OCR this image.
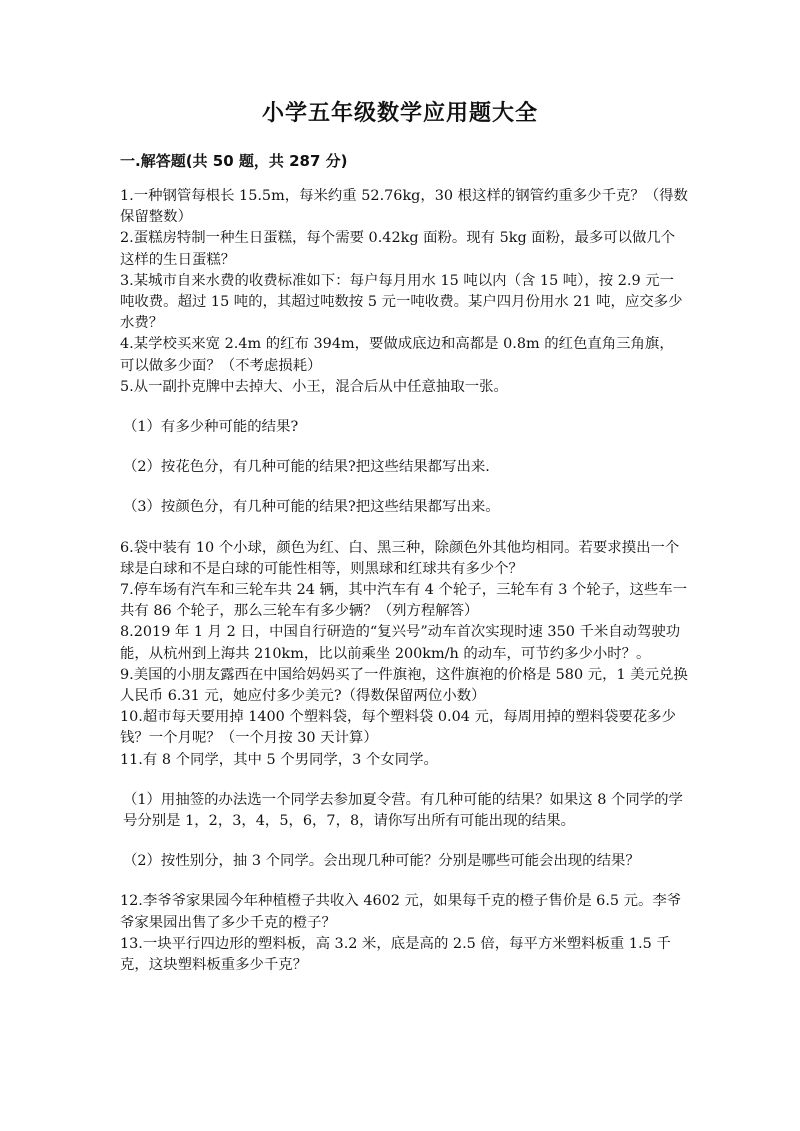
小学五年级数学应用题大全
一.解答题(共 50 题，共 287 分)

1.一种钢管每根长 15.5m，每米约重 52.76kg，30 根这样的钢管约重多少千克？（得数保留整数）

2.蛋糕房特制一种生日蛋糕，每个需要 0.42kg 面粉。现有 5kg 面粉，最多可以做几个这样的生日蛋糕？

3.某城市自来水费的收费标准如下：每户每月用水 15 吨以内（含 15 吨），按 2.9 元一吨收费。超过 15 吨的，其超过吨数按 5 元一吨收费。某户四月份用水 21 吨，应交多少水费？

4.某学校买来宽 2.4m 的红布 394m，要做成底边和高都是 0.8m 的红色直角三角旗，可以做多少面？（不考虑损耗）

5.从一副扑克牌中去掉大、小王，混合后从中任意抽取一张。

（1）有多少种可能的结果?

（2）按花色分，有几种可能的结果?把这些结果都写出来.

（3）按颜色分，有几种可能的结果?把这些结果都写出来。

6.袋中装有 10 个小球，颜色为红、白、黑三种，除颜色外其他均相同。若要求摸出一个球是白球和不是白球的可能性相等，则黑球和红球共有多少个？

7.停车场有汽车和三轮车共 24 辆，其中汽车有 4 个轮子，三轮车有 3 个轮子，这些车一共有 86 个轮子，那么三轮车有多少辆？（列方程解答）

8.2019 年 1 月 2 日，中国自行研造的“复兴号”动车首次实现时速 350 千米自动驾驶功能，从杭州到上海共 210km，比以前乘坐 200km/h 的动车，可节约多少小时？。

9.美国的小朋友露西在中国给妈妈买了一件旗袍，这件旗袍的价格是 580 元，1 美元兑换人民币 6.31 元，她应付多少美元?（得数保留两位小数）

10.超市每天要用掉 1400 个塑料袋，每个塑料袋 0.04 元，每周用掉的塑料袋要花多少钱？一个月呢？（一个月按 30 天计算）

11.有 8 个同学，其中 5 个男同学，3 个女同学。

（1）用抽签的办法选一个同学去参加夏令营。有几种可能的结果？如果这 8 个同学的学号分别是 1，2，3，4，5，6，7，8，请你写出所有可能出现的结果。

（2）按性别分，抽 3 个同学。会出现几种可能？分别是哪些可能会出现的结果？

12.李爷爷家果园今年种植橙子共收入 4602 元，如果每千克的橙子售价是 6.5 元。李爷爷家果园出售了多少千克的橙子？

13.一块平行四边形的塑料板，高 3.2 米，底是高的 2.5 倍，每平方米塑料板重 1.5 千克，这块塑料板重多少千克？
